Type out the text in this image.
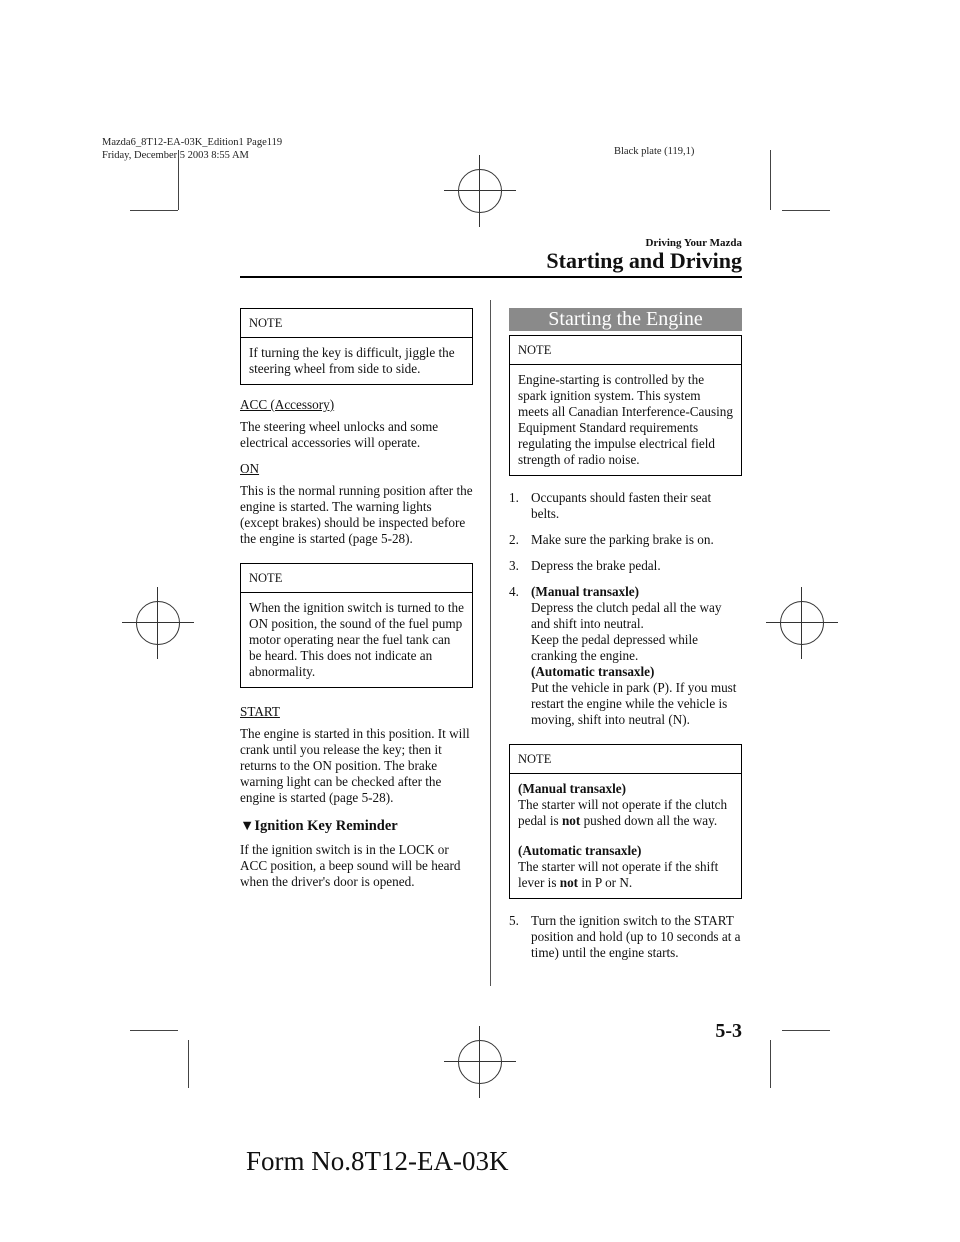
Mazda6_8T12-EA-03K_Edition1 Page119
Friday, December 5 2003 8:55 AM	Black plate (119,1)
Driving Your Mazda
Starting and Driving
NOTE
If turning the key is difficult, jiggle the steering wheel from side to side.
ACC (Accessory)

The steering wheel unlocks and some electrical accessories will operate.

ON

This is the normal running position after the engine is started. The warning lights (except brakes) should be inspected before the engine is started (page 5-28).

NOTE
When the ignition switch is turned to the ON position, the sound of the fuel pump motor operating near the fuel tank can be heard. This does not indicate an abnormality.
START

The engine is started in this position. It will crank until you release the key; then it returns to the ON position. The brake warning light can be checked after the engine is started (page 5-28).

▼Ignition Key Reminder

If the ignition switch is in the LOCK or ACC position, a beep sound will be heard when the driver's door is opened.

Starting the Engine
NOTE
Engine-starting is controlled by the spark ignition system. This system meets all Canadian Interference-Causing Equipment Standard requirements regulating the impulse electrical field strength of radio noise.
1. Occupants should fasten their seat belts.
2. Make sure the parking brake is on.
3. Depress the brake pedal.
4. (Manual transaxle)
Depress the clutch pedal all the way and shift into neutral.
Keep the pedal depressed while cranking the engine.
(Automatic transaxle)
Put the vehicle in park (P). If you must restart the engine while the vehicle is moving, shift into neutral (N).
NOTE
(Manual transaxle)
The starter will not operate if the clutch pedal is not pushed down all the way.
(Automatic transaxle)
The starter will not operate if the shift lever is not in P or N.
5. Turn the ignition switch to the START position and hold (up to 10 seconds at a time) until the engine starts.
5-3
Form No.8T12-EA-03K
